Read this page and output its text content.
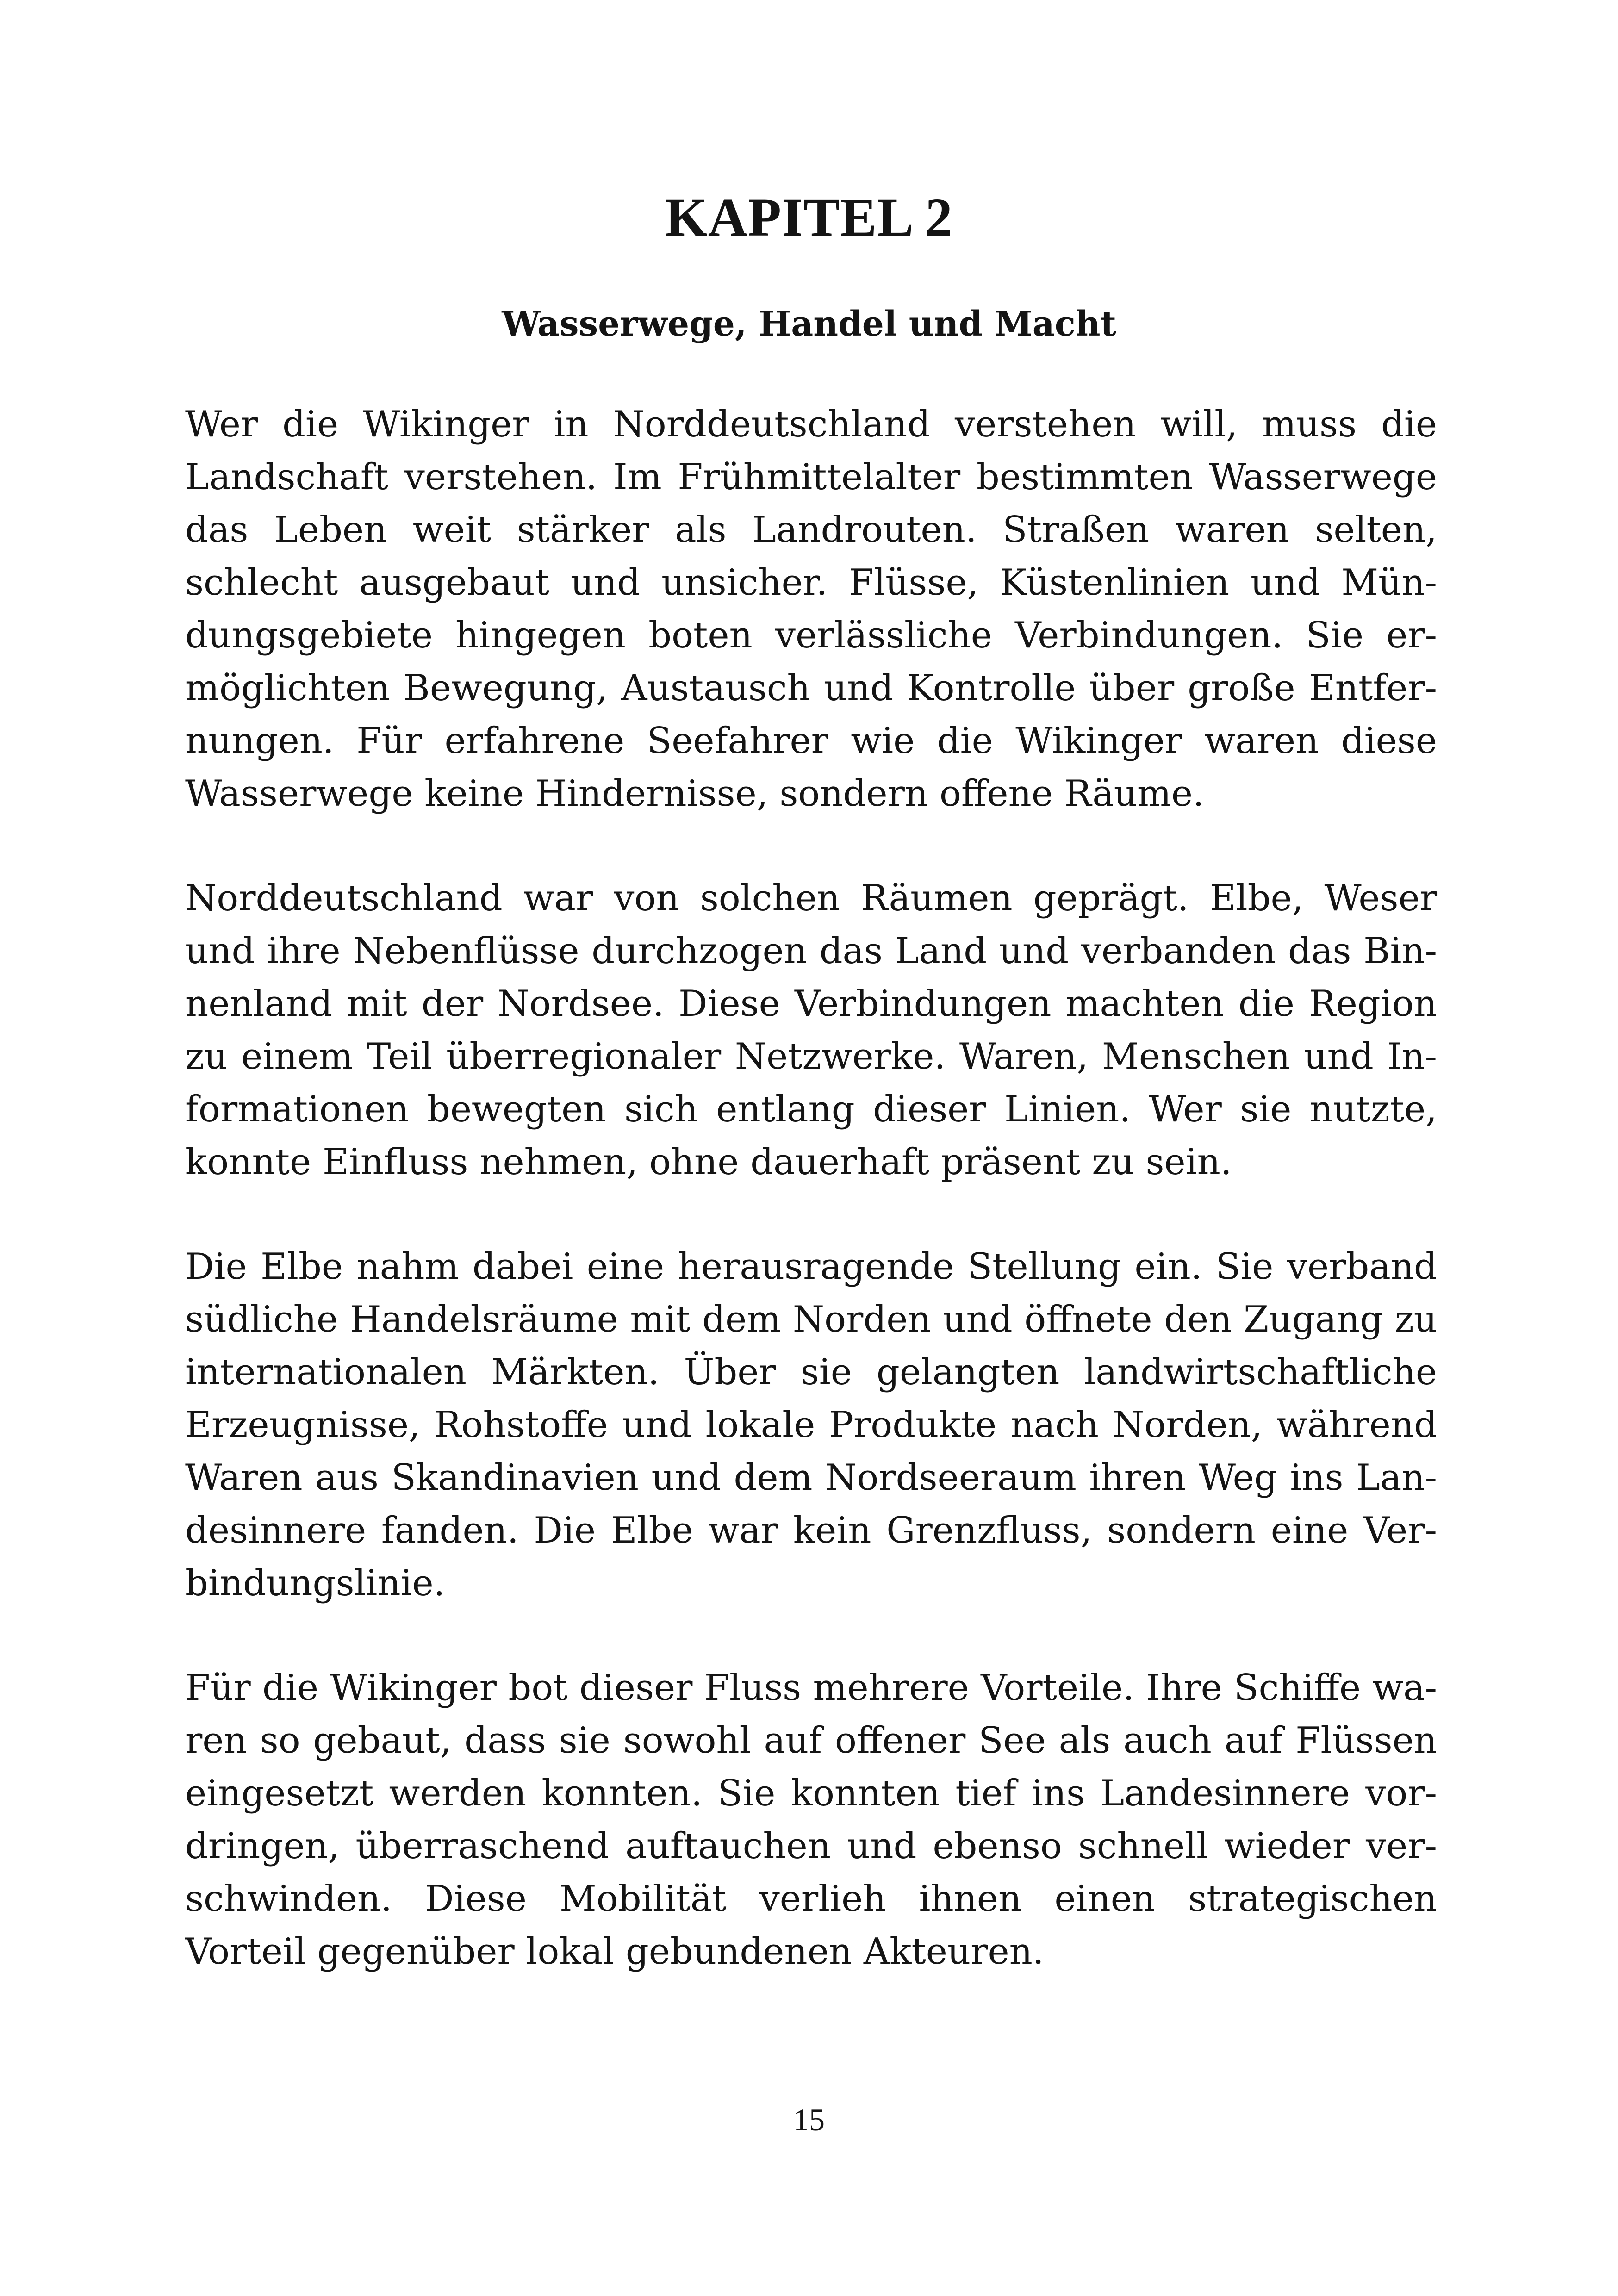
KAPITEL 2
Wasserwege, Handel und Macht

Wer die Wikinger in Norddeutschland verstehen will, muss die Landschaft verstehen. Im Frühmittelalter bestimmten Wasserwege das Leben weit stärker als Landrouten. Straßen waren selten, schlecht ausgebaut und unsicher. Flüsse, Küstenlinien und Mündungsgebiete hingegen boten verlässliche Verbindungen. Sie ermöglichten Bewegung, Austausch und Kontrolle über große Entfernungen. Für erfahrene Seefahrer wie die Wikinger waren diese Wasserwege keine Hindernisse, sondern offene Räume.

Norddeutschland war von solchen Räumen geprägt. Elbe, Weser und ihre Nebenflüsse durchzogen das Land und verbanden das Binnenland mit der Nordsee. Diese Verbindungen machten die Region zu einem Teil überregionaler Netzwerke. Waren, Menschen und Informationen bewegten sich entlang dieser Linien. Wer sie nutzte, konnte Einfluss nehmen, ohne dauerhaft präsent zu sein.

Die Elbe nahm dabei eine herausragende Stellung ein. Sie verband südliche Handelsräume mit dem Norden und öffnete den Zugang zu internationalen Märkten. Über sie gelangten landwirtschaftliche Erzeugnisse, Rohstoffe und lokale Produkte nach Norden, während Waren aus Skandinavien und dem Nordseeraum ihren Weg ins Landesinnere fanden. Die Elbe war kein Grenzfluss, sondern eine Verbindungslinie.

Für die Wikinger bot dieser Fluss mehrere Vorteile. Ihre Schiffe waren so gebaut, dass sie sowohl auf offener See als auch auf Flüssen eingesetzt werden konnten. Sie konnten tief ins Landesinnere vordringen, überraschend auftauchen und ebenso schnell wieder verschwinden. Diese Mobilität verlieh ihnen einen strategischen Vorteil gegenüber lokal gebundenen Akteuren.

15
